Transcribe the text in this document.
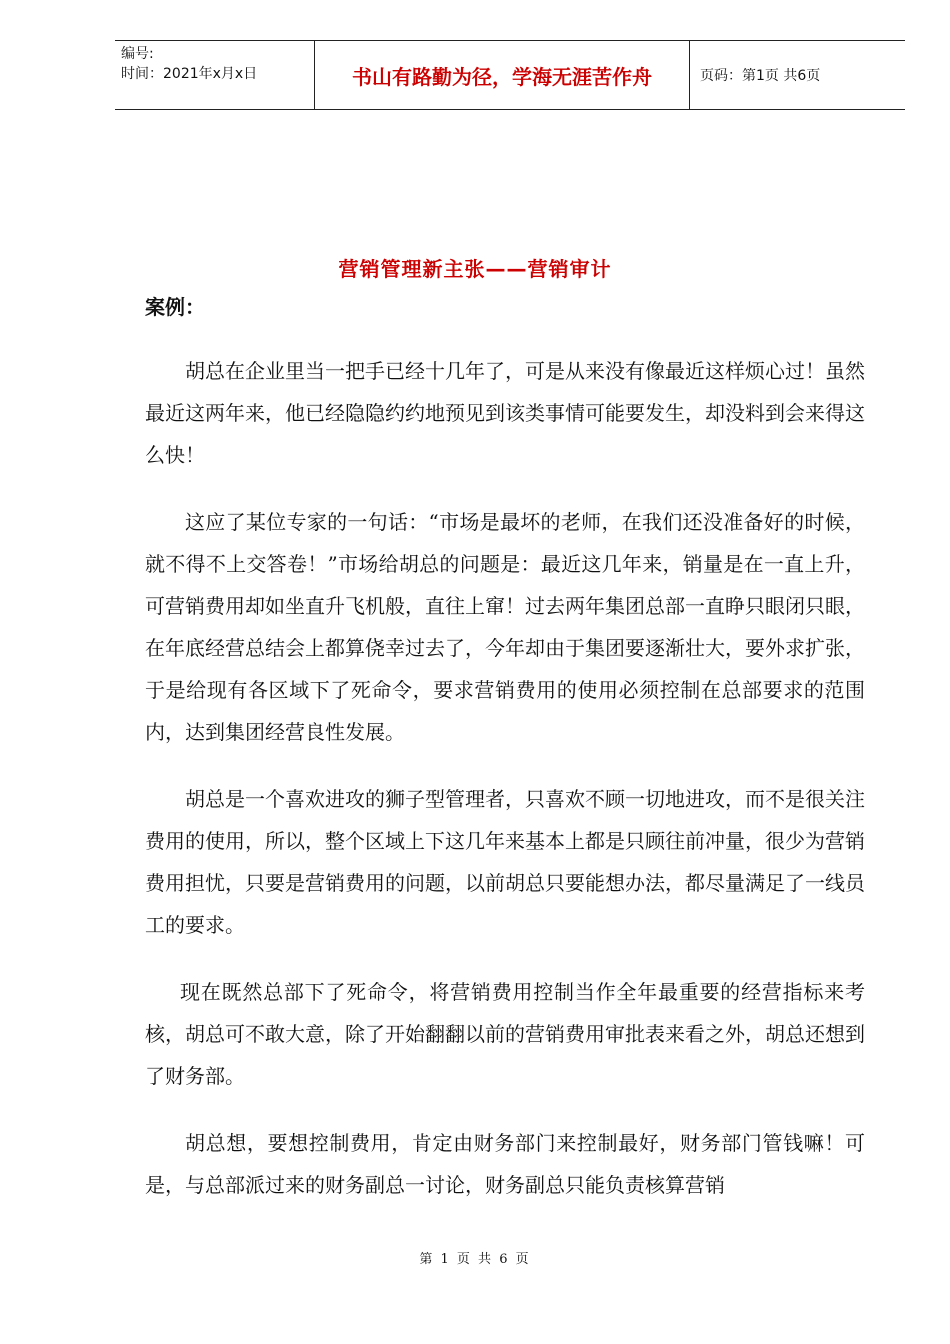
编号:
时间：2021年x月x日	书山有路勤为径，学海无涯苦作舟	页码：第1页 共6页
营销管理新主张——营销审计
案例：

胡总在企业里当一把手已经十几年了，可是从来没有像最近这样烦心过！虽然最近这两年来，他已经隐隐约约地预见到该类事情可能要发生，却没料到会来得这么快！

这应了某位专家的一句话：“市场是最坏的老师，在我们还没准备好的时候，就不得不上交答卷！”市场给胡总的问题是：最近这几年来，销量是在一直上升，可营销费用却如坐直升飞机般，直往上窜！过去两年集团总部一直睁只眼闭只眼，在年底经营总结会上都算侥幸过去了，今年却由于集团要逐渐壮大，要外求扩张，于是给现有各区域下了死命令，要求营销费用的使用必须控制在总部要求的范围内，达到集团经营良性发展。

胡总是一个喜欢进攻的狮子型管理者，只喜欢不顾一切地进攻，而不是很关注费用的使用，所以，整个区域上下这几年来基本上都是只顾往前冲量，很少为营销费用担忧，只要是营销费用的问题，以前胡总只要能想办法，都尽量满足了一线员工的要求。

现在既然总部下了死命令，将营销费用控制当作全年最重要的经营指标来考核，胡总可不敢大意，除了开始翻翻以前的营销费用审批表来看之外，胡总还想到了财务部。

胡总想，要想控制费用，肯定由财务部门来控制最好，财务部门管钱嘛！可是，与总部派过来的财务副总一讨论，财务副总只能负责核算营销

第 1 页 共 6 页
